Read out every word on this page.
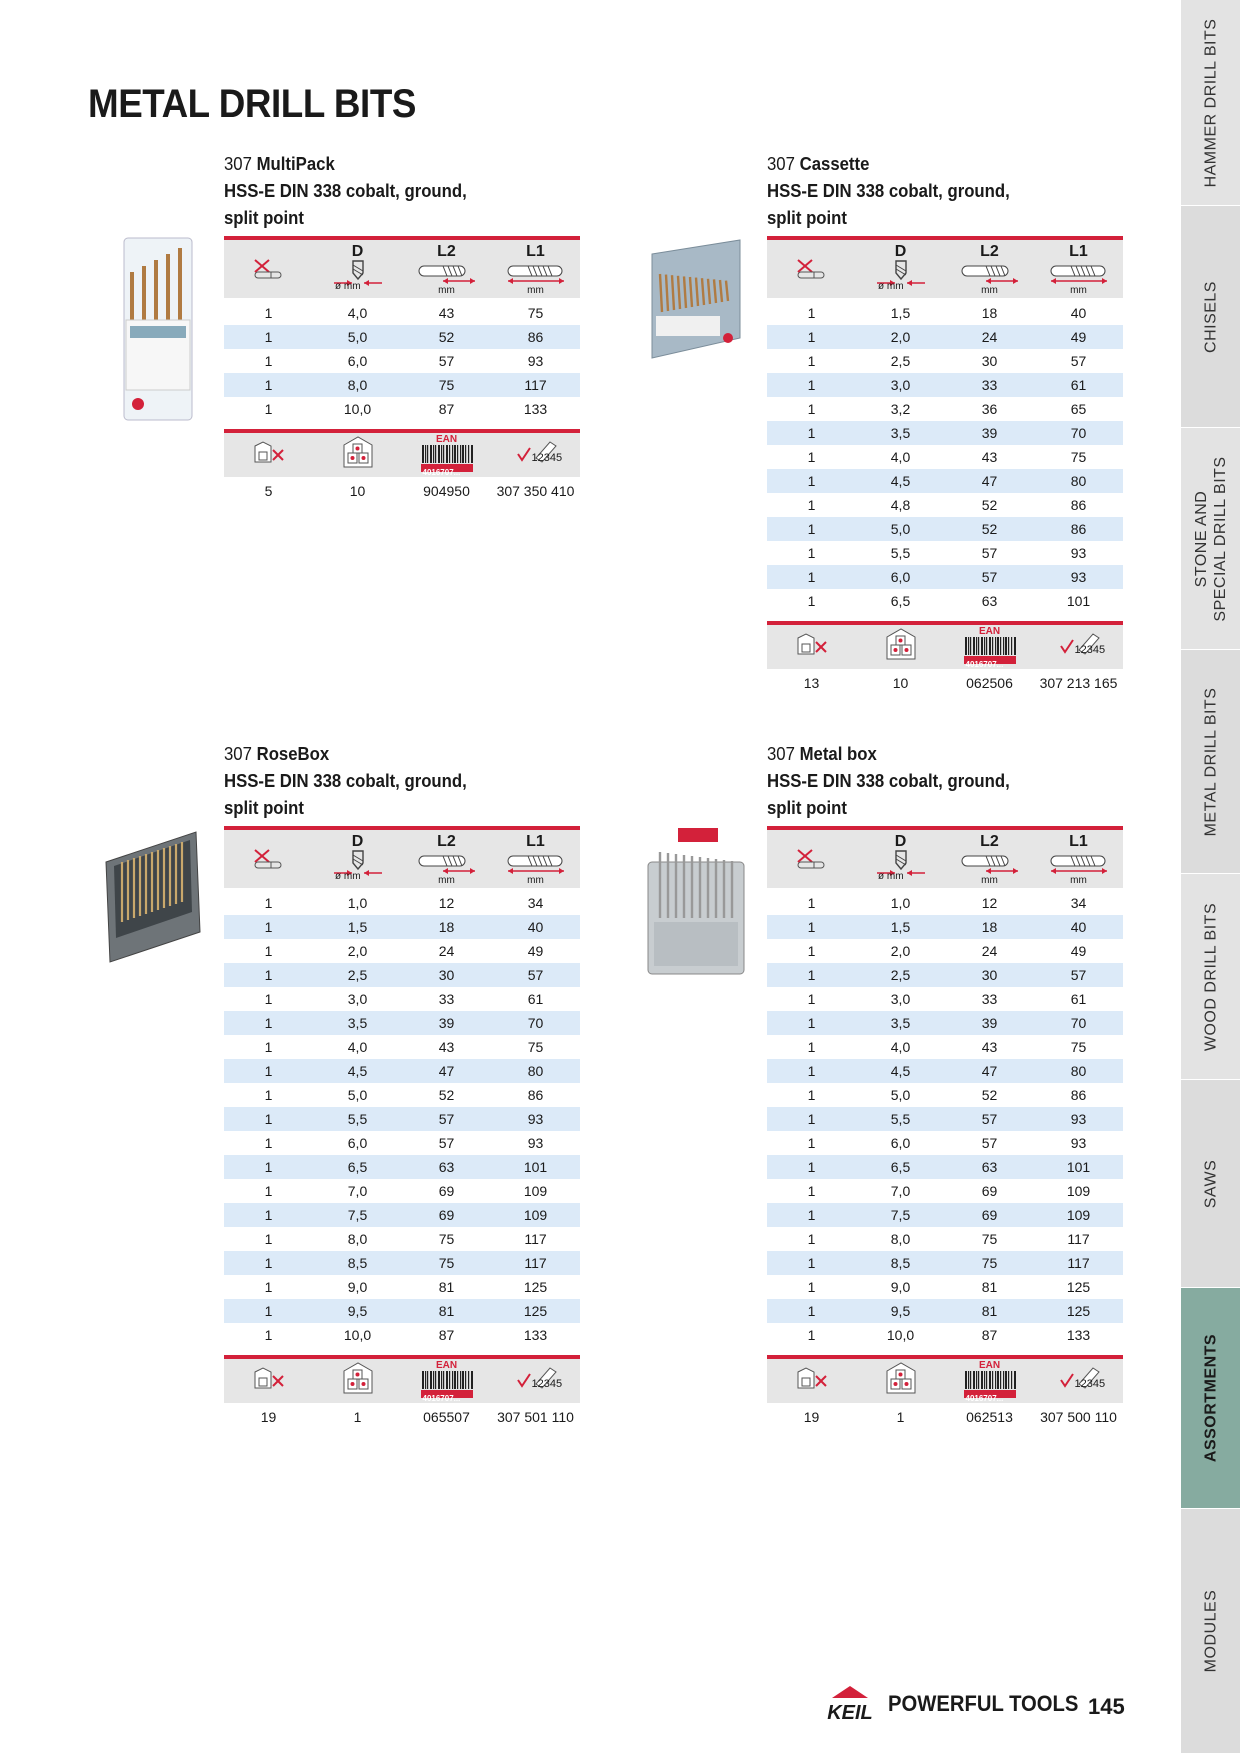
METAL DRILL BITS	HAMMER DRILL BITS
CHISELS
STONE AND
SPECIAL DRILL BITS
METAL DRILL BITS
WOOD DRILL BITS
SAWS
ASSORTMENTS
MODULES
307 MultiPack
HSS-E DIN 338 cobalt, ground,
split point
D
ø mm
L2
mm
L1
mm
1	4,0	43	75
1	5,0	52	86
1	6,0	57	93
1	8,0	75	117
1	10,0	87	133
EAN
4016707...
12345
5	10	904950	307 350 410
307 Cassette
HSS-E DIN 338 cobalt, ground,
split point
D
ø mm
L2
mm
L1
mm
1	1,5	18	40
1	2,0	24	49
1	2,5	30	57
1	3,0	33	61
1	3,2	36	65
1	3,5	39	70
1	4,0	43	75
1	4,5	47	80
1	4,8	52	86
1	5,0	52	86
1	5,5	57	93
1	6,0	57	93
1	6,5	63	101
EAN
4016707...
12345
13	10	062506	307 213 165
307 RoseBox
HSS-E DIN 338 cobalt, ground,
split point
D
ø mm
L2
mm
L1
mm
1	1,0	12	34
1	1,5	18	40
1	2,0	24	49
1	2,5	30	57
1	3,0	33	61
1	3,5	39	70
1	4,0	43	75
1	4,5	47	80
1	5,0	52	86
1	5,5	57	93
1	6,0	57	93
1	6,5	63	101
1	7,0	69	109
1	7,5	69	109
1	8,0	75	117
1	8,5	75	117
1	9,0	81	125
1	9,5	81	125
1	10,0	87	133
EAN
4016707...
12345
19	1	065507	307 501 110
307 Metal box
HSS-E DIN 338 cobalt, ground,
split point
D
ø mm
L2
mm
L1
mm
1	1,0	12	34
1	1,5	18	40
1	2,0	24	49
1	2,5	30	57
1	3,0	33	61
1	3,5	39	70
1	4,0	43	75
1	4,5	47	80
1	5,0	52	86
1	5,5	57	93
1	6,0	57	93
1	6,5	63	101
1	7,0	69	109
1	7,5	69	109
1	8,0	75	117
1	8,5	75	117
1	9,0	81	125
1	9,5	81	125
1	10,0	87	133
EAN
4016707...
12345
19	1	062513	307 500 110
KEIL POWERFUL TOOLS 145
